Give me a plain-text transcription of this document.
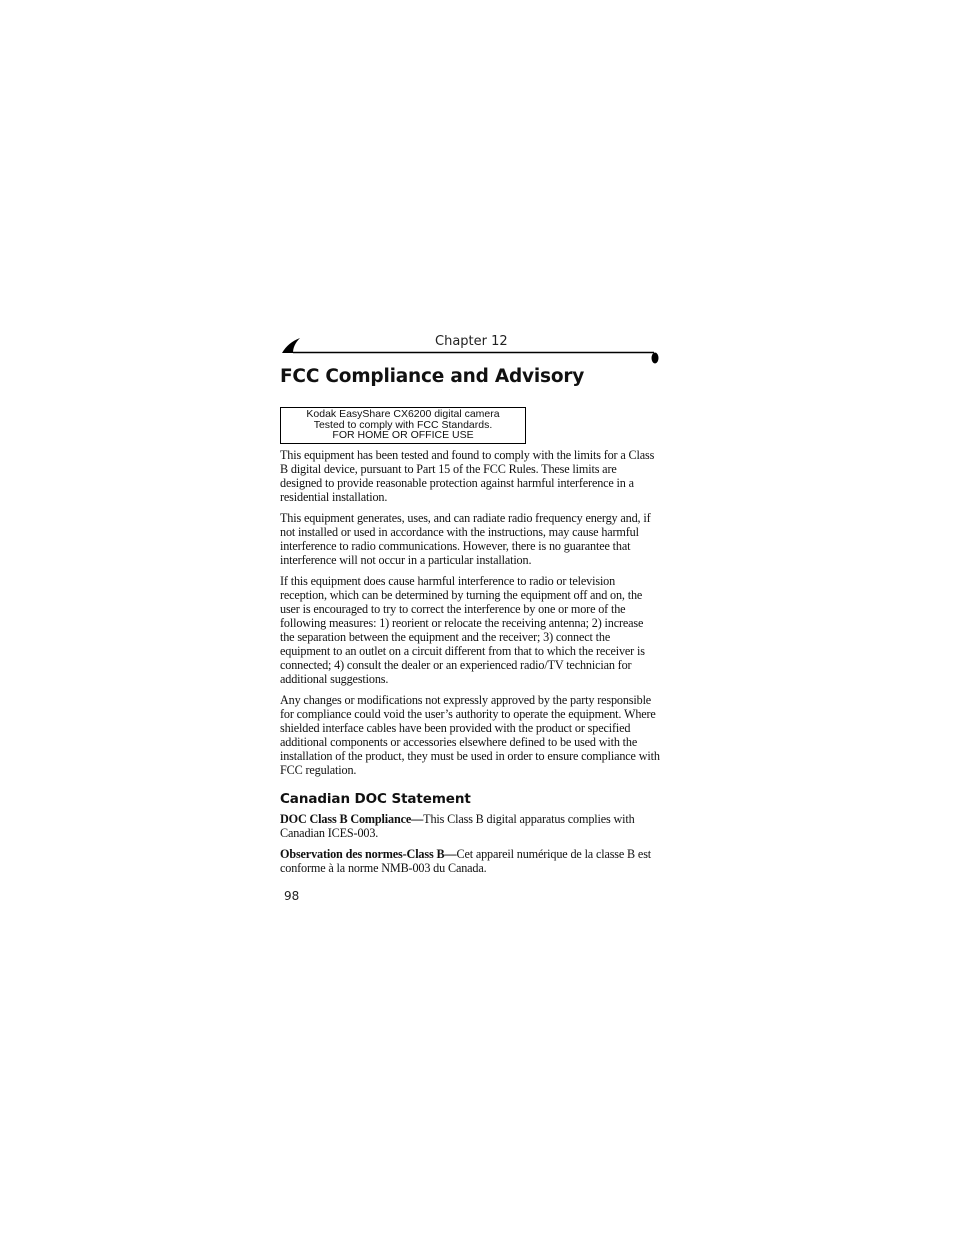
Chapter 12
FCC Compliance and Advisory
Kodak EasyShare CX6200 digital camera
Tested to comply with FCC Standards.
FOR HOME OR OFFICE USE

This equipment has been tested and found to comply with the limits for a Class B digital device, pursuant to Part 15 of the FCC Rules. These limits are designed to provide reasonable protection against harmful interference in a residential installation.

This equipment generates, uses, and can radiate radio frequency energy and, if not installed or used in accordance with the instructions, may cause harmful interference to radio communications. However, there is no guarantee that interference will not occur in a particular installation.

If this equipment does cause harmful interference to radio or television reception, which can be determined by turning the equipment off and on, the user is encouraged to try to correct the interference by one or more of the following measures: 1) reorient or relocate the receiving antenna; 2) increase the separation between the equipment and the receiver; 3) connect the equipment to an outlet on a circuit different from that to which the receiver is connected; 4) consult the dealer or an experienced radio/TV technician for additional suggestions.

Any changes or modifications not expressly approved by the party responsible for compliance could void the user’s authority to operate the equipment. Where shielded interface cables have been provided with the product or specified additional components or accessories elsewhere defined to be used with the installation of the product, they must be used in order to ensure compliance with FCC regulation.

Canadian DOC Statement

DOC Class B Compliance—This Class B digital apparatus complies with Canadian ICES-003.

Observation des normes-Class B—Cet appareil numérique de la classe B est conforme à la norme NMB-003 du Canada.

98
